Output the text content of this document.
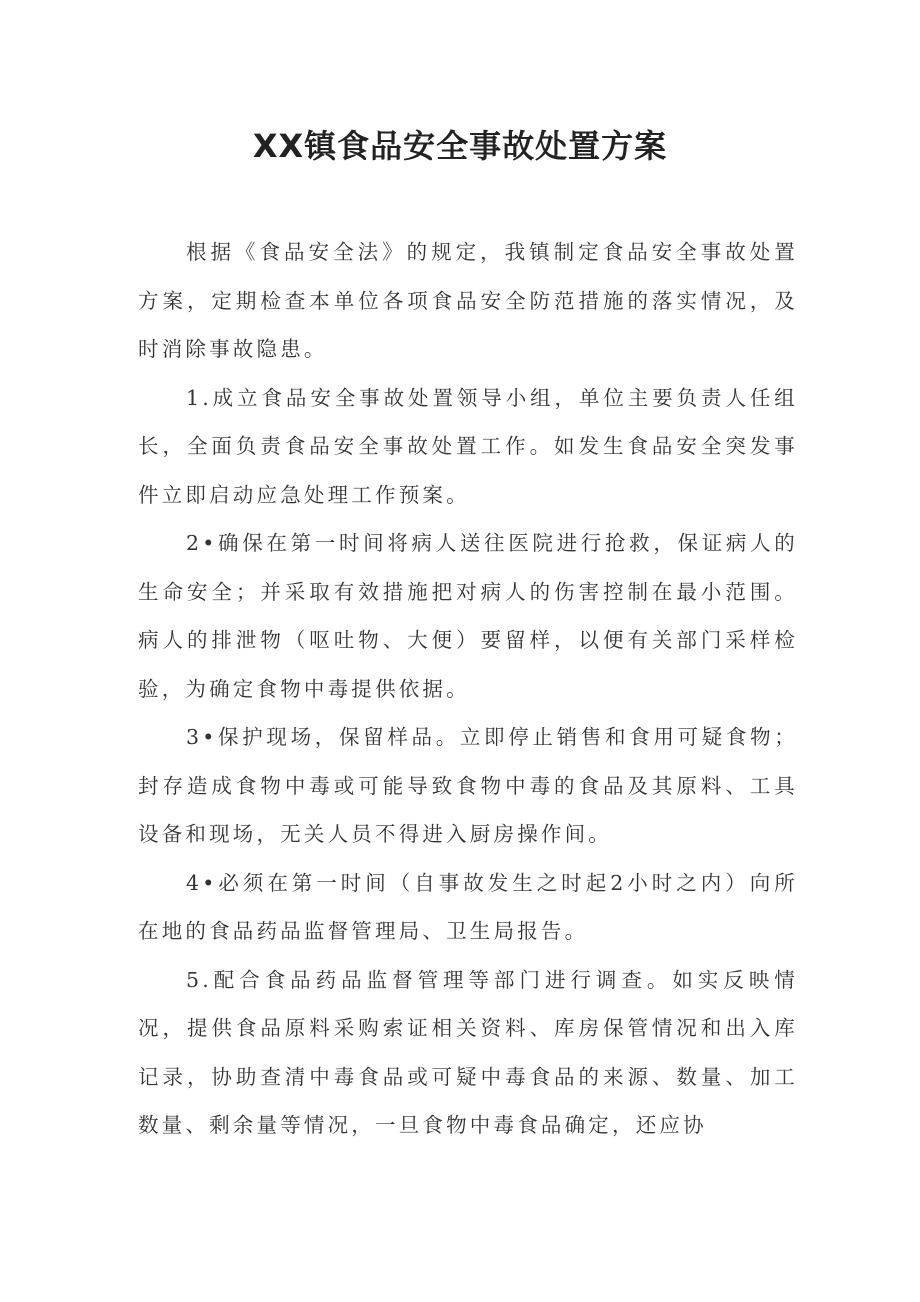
XX镇食品安全事故处置方案

根据《食品安全法》的规定，我镇制定食品安全事故处置方案，定期检查本单位各项食品安全防范措施的落实情况，及时消除事故隐患。

1.成立食品安全事故处置领导小组，单位主要负责人任组长，全面负责食品安全事故处置工作。如发生食品安全突发事件立即启动应急处理工作预案。

2•确保在第一时间将病人送往医院进行抢救，保证病人的生命安全；并采取有效措施把对病人的伤害控制在最小范围。病人的排泄物（呕吐物、大便）要留样，以便有关部门采样检验，为确定食物中毒提供依据。

3•保护现场，保留样品。立即停止销售和食用可疑食物；封存造成食物中毒或可能导致食物中毒的食品及其原料、工具设备和现场，无关人员不得进入厨房操作间。

4•必须在第一时间（自事故发生之时起2小时之内）向所在地的食品药品监督管理局、卫生局报告。

5.配合食品药品监督管理等部门进行调查。如实反映情况，提供食品原料采购索证相关资料、库房保管情况和出入库记录，协助查清中毒食品或可疑中毒食品的来源、数量、加工数量、剩余量等情况，一旦食物中毒食品确定，还应协
